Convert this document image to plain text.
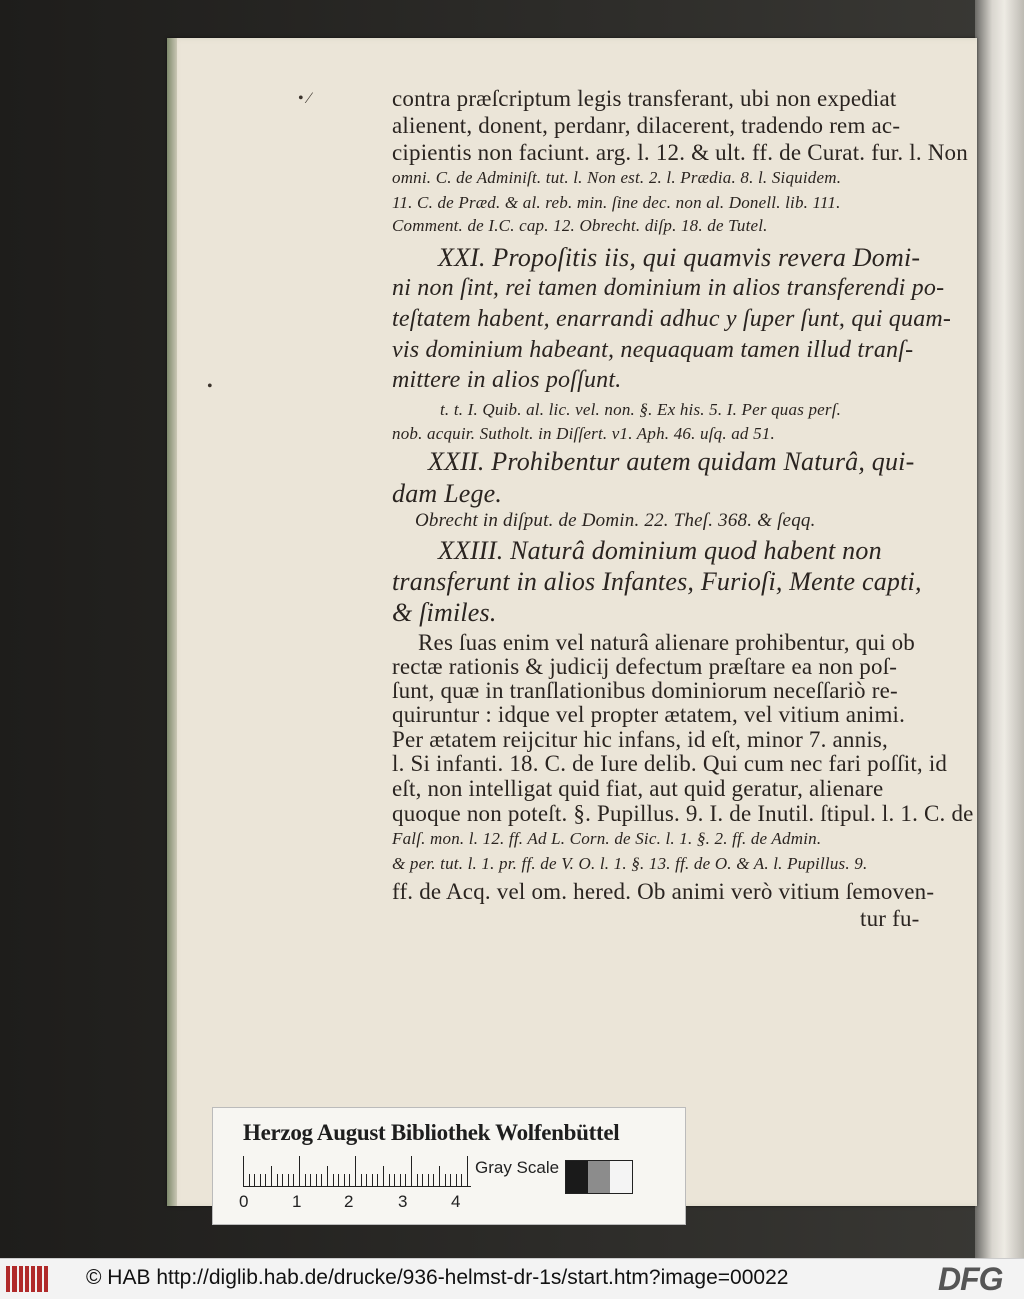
• ⁄
•
contra præſcriptum legis transferant, ubi non expediat
alienent, donent, perdanr, dilacerent, tradendo rem ac-
cipientis non faciunt. arg. l. 12. & ult. ff. de Curat. fur. l. Non
omni. C. de Adminiſt. tut. l. Non est. 2. l. Prædia. 8. l. Siquidem.
11. C. de Præd. & al. reb. min. ſine dec. non al. Donell. lib. 111.
Comment. de I.C. cap. 12. Obrecht. diſp. 18. de Tutel.
XXI. Propoſitis iis, qui quamvis revera Domi-
ni non ſint, rei tamen dominium in alios transferendi po-
teſtatem habent, enarrandi adhuc y ſuper ſunt, qui quam-
vis dominium habeant, nequaquam tamen illud tranſ-
mittere in alios poſſunt.
t. t. I. Quib. al. lic. vel. non. §. Ex his. 5. I. Per quas perſ.
nob. acquir. Sutholt. in Diſſert. v1. Aph. 46. uſq. ad 51.
XXII. Prohibentur autem quidam Naturâ, qui-
dam Lege.
Obrecht in diſput. de Domin. 22. Theſ. 368. & ſeqq.
XXIII. Naturâ dominium quod habent non
transferunt in alios Infantes, Furioſi, Mente capti,
& ſimiles.
Res ſuas enim vel naturâ alienare prohibentur, qui ob
rectæ rationis & judicij defectum præſtare ea non poſ-
ſunt, quæ in tranſlationibus dominiorum neceſſariò re-
quiruntur : idque vel propter ætatem, vel vitium animi.
Per ætatem reijcitur hic infans, id eſt, minor 7. annis,
l. Si infanti. 18. C. de Iure delib. Qui cum nec fari poſſit, id
eſt, non intelligat quid fiat, aut quid geratur, alienare
quoque non poteſt. §. Pupillus. 9. I. de Inutil. ſtipul. l. 1. C. de
Falſ. mon. l. 12. ff. Ad L. Corn. de Sic. l. 1. §. 2. ff. de Admin.
& per. tut. l. 1. pr. ff. de V. O. l. 1. §. 13. ff. de O. & A. l. Pupillus. 9.
ff. de Acq. vel om. hered. Ob animi verò vitium ſemoven-
tur fu-
Herzog August Bibliothek Wolfenbüttel
0	1	2	3	4
Gray Scale
© HAB http://diglib.hab.de/drucke/936-helmst-dr-1s/start.htm?image=00022	DFG
